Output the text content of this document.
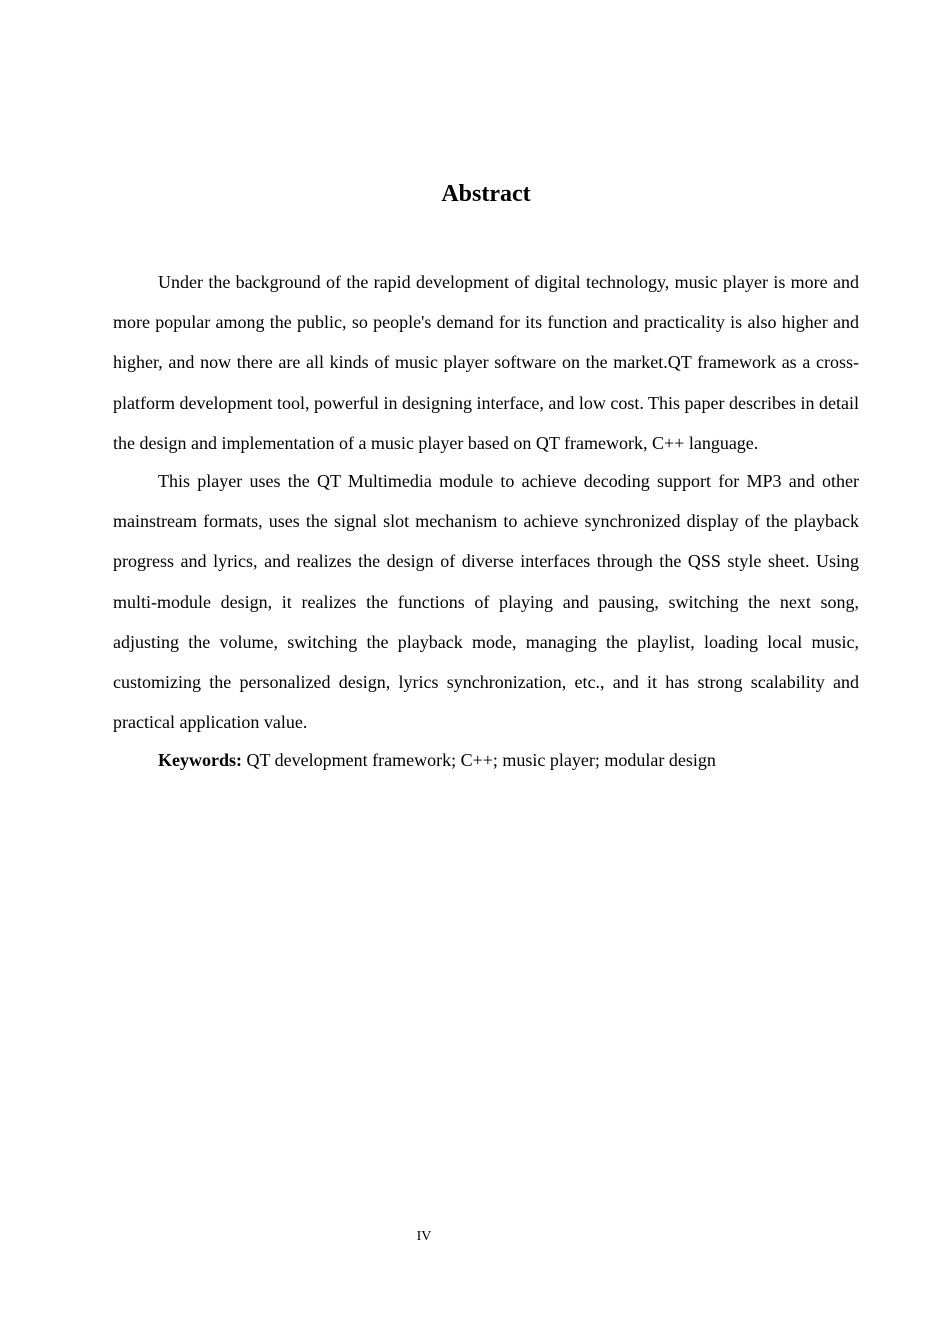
Abstract

Under the background of the rapid development of digital technology, music player is more and more popular among the public, so people's demand for its function and practicality is also higher and higher, and now there are all kinds of music player software on the market.QT framework as a cross-platform development tool, powerful in designing interface, and low cost. This paper describes in detail the design and implementation of a music player based on QT framework, C++ language.

This player uses the QT Multimedia module to achieve decoding support for MP3 and other mainstream formats, uses the signal slot mechanism to achieve synchronized display of the playback progress and lyrics, and realizes the design of diverse interfaces through the QSS style sheet. Using multi-module design, it realizes the functions of playing and pausing, switching the next song, adjusting the volume, switching the playback mode, managing the playlist, loading local music, customizing the personalized design, lyrics synchronization, etc., and it has strong scalability and practical application value.

Keywords: QT development framework; C++; music player; modular design

IV
